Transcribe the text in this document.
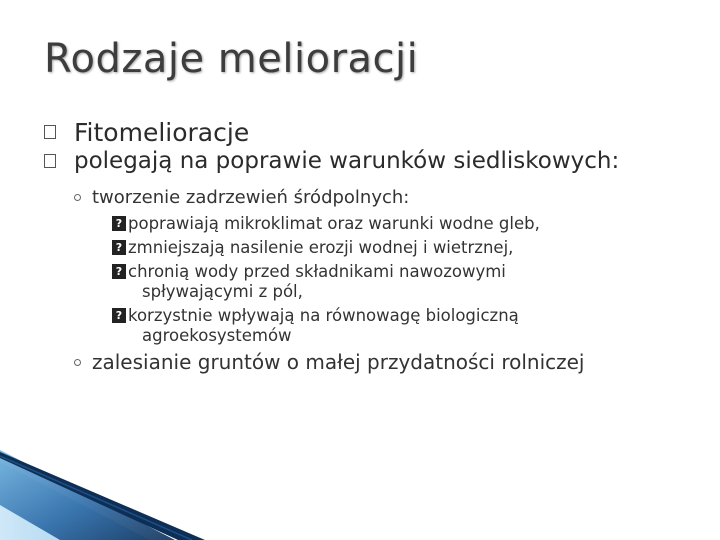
Rodzaje melioracji
Fitomelioracje
polegają na poprawie warunków siedliskowych:
tworzenie zadrzewień śródpolnych:
? poprawiają mikroklimat oraz warunki wodne gleb,
? zmniejszają nasilenie erozji wodnej i wietrznej,
? chronią wody przed składnikami nawozowymi
spływającymi z pól,
? korzystnie wpływają na równowagę biologiczną
agroekosystemów
zalesianie gruntów o małej przydatności rolniczej
